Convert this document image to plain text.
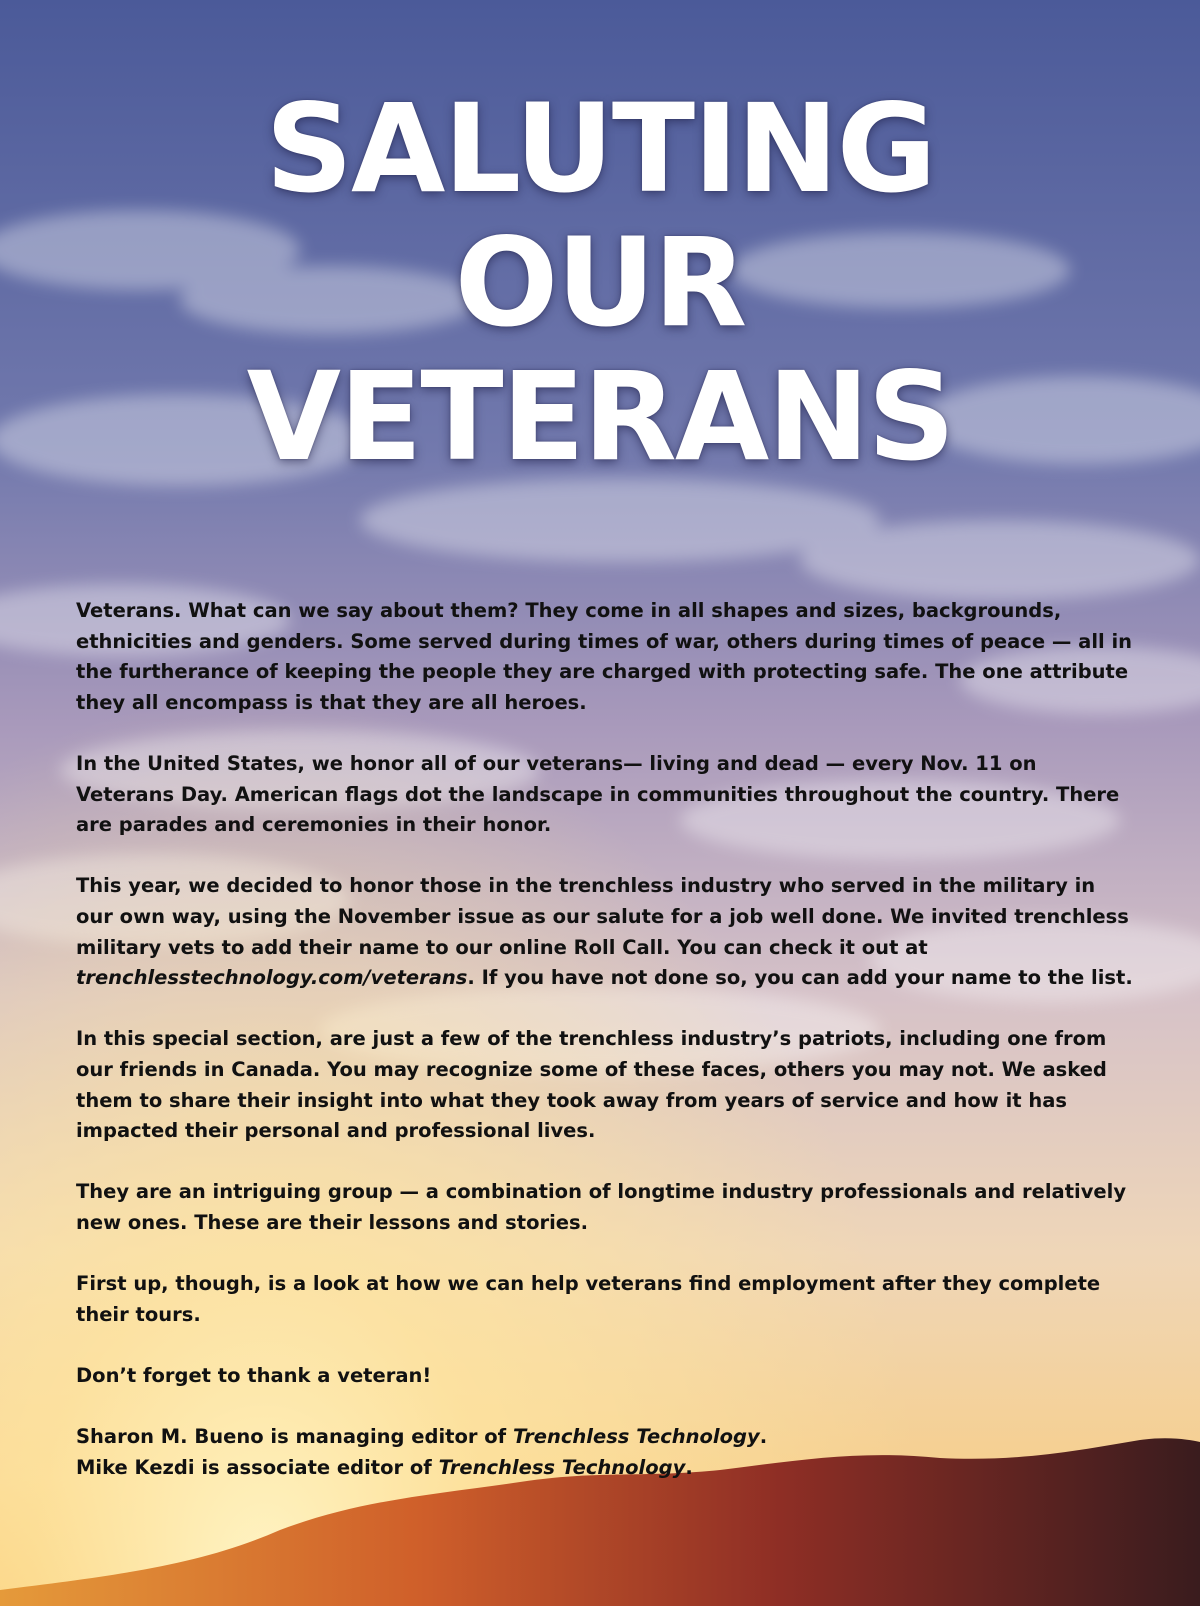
SALUTING
OUR
VETERANS

Veterans. What can we say about them? They come in all shapes and sizes, backgrounds, ethnicities and genders. Some served during times of war, others during times of peace — all in the furtherance of keeping the people they are charged with protecting safe. The one attribute they all encompass is that they are all heroes.

In the United States, we honor all of our veterans— living and dead — every Nov. 11 on Veterans Day. American flags dot the landscape in communities throughout the country. There are parades and ceremonies in their honor.

This year, we decided to honor those in the trenchless industry who served in the military in our own way, using the November issue as our salute for a job well done. We invited trenchless military vets to add their name to our online Roll Call. You can check it out at trenchlesstechnology.com/veterans. If you have not done so, you can add your name to the list.

In this special section, are just a few of the trenchless industry’s patriots, including one from our friends in Canada. You may recognize some of these faces, others you may not. We asked them to share their insight into what they took away from years of service and how it has impacted their personal and professional lives.

They are an intriguing group — a combination of longtime industry professionals and relatively new ones. These are their lessons and stories.

First up, though, is a look at how we can help veterans find employment after they complete their tours.

Don’t forget to thank a veteran!

Sharon M. Bueno is managing editor of Trenchless Technology.
Mike Kezdi is associate editor of Trenchless Technology.
